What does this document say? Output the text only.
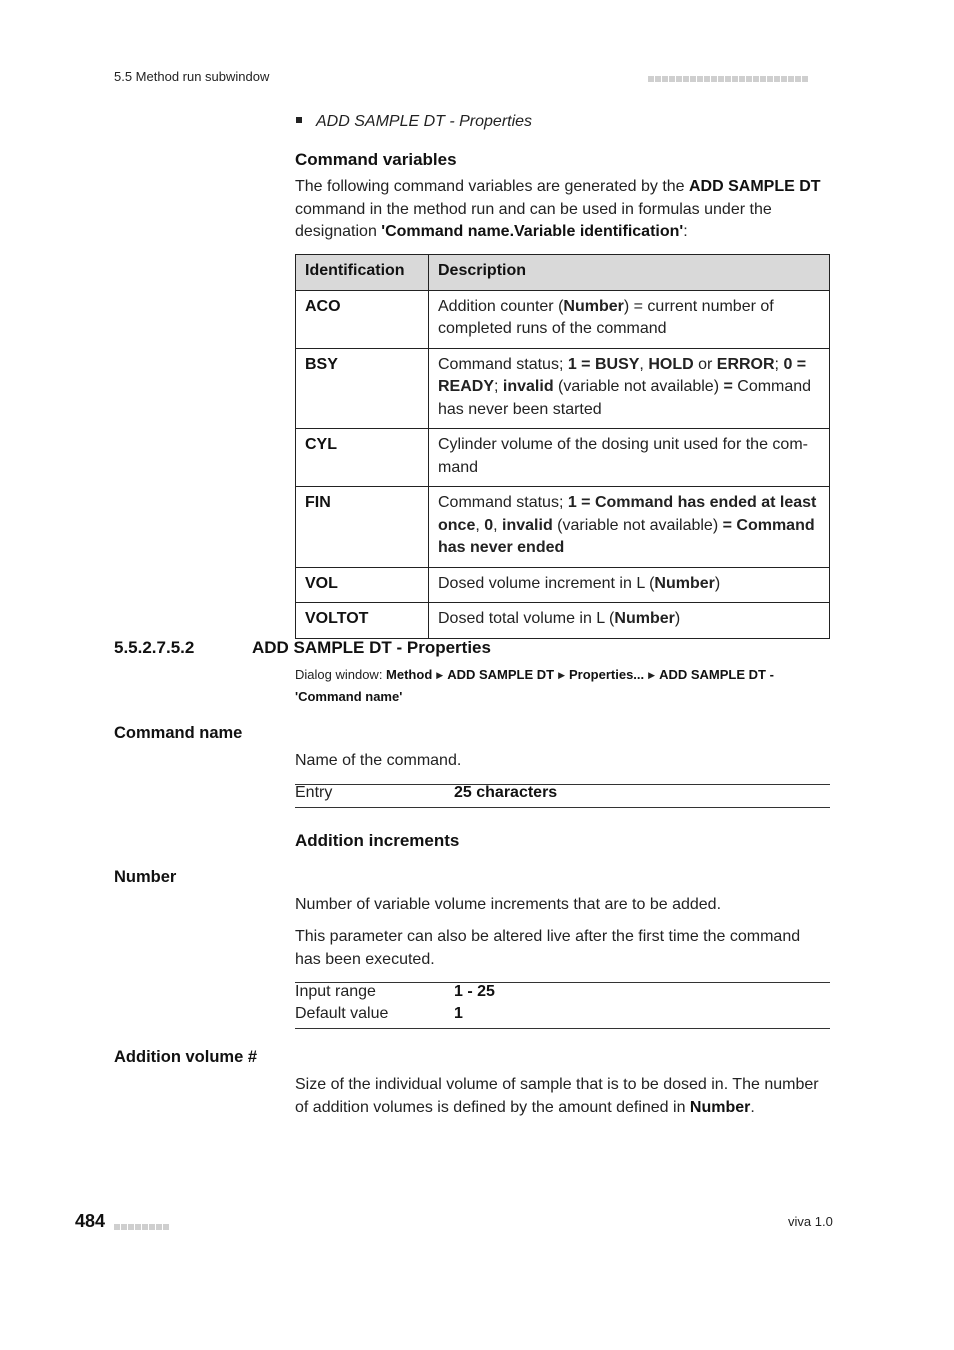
5.5 Method run subwindow
ADD SAMPLE DT - Properties
Command variables
The following command variables are generated by the ADD SAMPLE DT command in the method run and can be used in formulas under the designation 'Command name.Variable identification':
Identification	Description
ACO	Addition counter (Number) = current number of completed runs of the command
BSY	Command status; 1 = BUSY, HOLD or ERROR; 0 = READY; invalid (variable not available) = Command has never been started
CYL	Cylinder volume of the dosing unit used for the command
FIN	Command status; 1 = Command has ended at least once, 0, invalid (variable not available) = Command has never ended
VOL	Dosed volume increment in L (Number)
VOLTOT	Dosed total volume in L (Number)
5.5.2.7.5.2	ADD SAMPLE DT - Properties
Dialog window: Method ▶ ADD SAMPLE DT ▶ Properties... ▶ ADD SAMPLE DT - 'Command name'
Command name
Name of the command.
Entry	25 characters
Addition increments
Number
Number of variable volume increments that are to be added.
This parameter can also be altered live after the first time the command has been executed.
Input range	1 - 25
Default value	1
Addition volume #
Size of the individual volume of sample that is to be dosed in. The number of addition volumes is defined by the amount defined in Number.
484	viva 1.0
